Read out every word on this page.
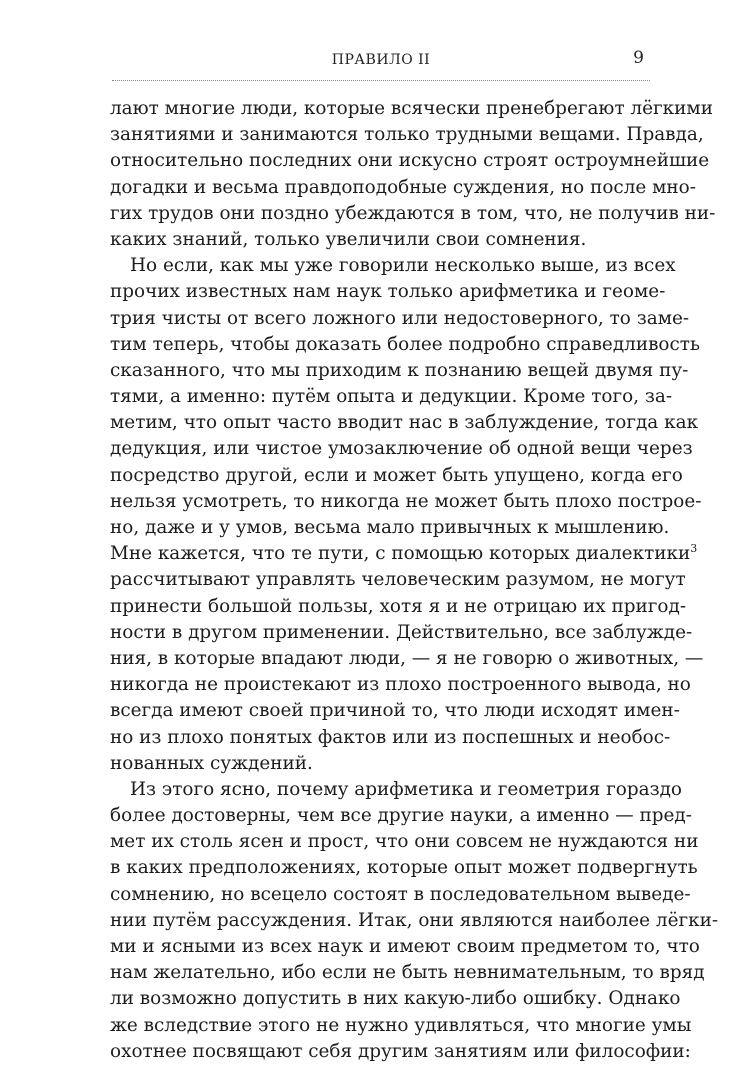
ПРАВИЛО II	9
лают многие люди, которые всячески пренебрегают лёгкими
занятиями и занимаются только трудными вещами. Правда,
относительно последних они искусно строят остроумнейшие
догадки и весьма правдоподобные суждения, но после мно-
гих трудов они поздно убеждаются в том, что, не получив ни-
каких знаний, только увеличили свои сомнения.
Но если, как мы уже говорили несколько выше, из всех
прочих известных нам наук только арифметика и геоме-
трия чисты от всего ложного или недостоверного, то заме-
тим теперь, чтобы доказать более подробно справедливость
сказанного, что мы приходим к познанию вещей двумя пу-
тями, а именно: путём опыта и дедукции. Кроме того, за-
метим, что опыт часто вводит нас в заблуждение, тогда как
дедукция, или чистое умозаключение об одной вещи через
посредство другой, если и может быть упущено, когда его
нельзя усмотреть, то никогда не может быть плохо построе-
но, даже и у умов, весьма мало привычных к мышлению.
Мне кажется, что те пути, с помощью которых диалектики$^3$
рассчитывают управлять человеческим разумом, не могут
принести большой пользы, хотя я и не отрицаю их пригод-
ности в другом применении. Действительно, все заблужде-
ния, в которые впадают люди, — я не говорю о животных, —
никогда не проистекают из плохо построенного вывода, но
всегда имеют своей причиной то, что люди исходят имен-
но из плохо понятых фактов или из поспешных и необос-
нованных суждений.
Из этого ясно, почему арифметика и геометрия гораздо
более достоверны, чем все другие науки, а именно — пред-
мет их столь ясен и прост, что они совсем не нуждаются ни
в каких предположениях, которые опыт может подвергнуть
сомнению, но всецело состоят в последовательном выведе-
нии путём рассуждения. Итак, они являются наиболее лёгки-
ми и ясными из всех наук и имеют своим предметом то, что
нам желательно, ибо если не быть невнимательным, то вряд
ли возможно допустить в них какую-либо ошибку. Однако
же вследствие этого не нужно удивляться, что многие умы
охотнее посвящают себя другим занятиям или философии:
